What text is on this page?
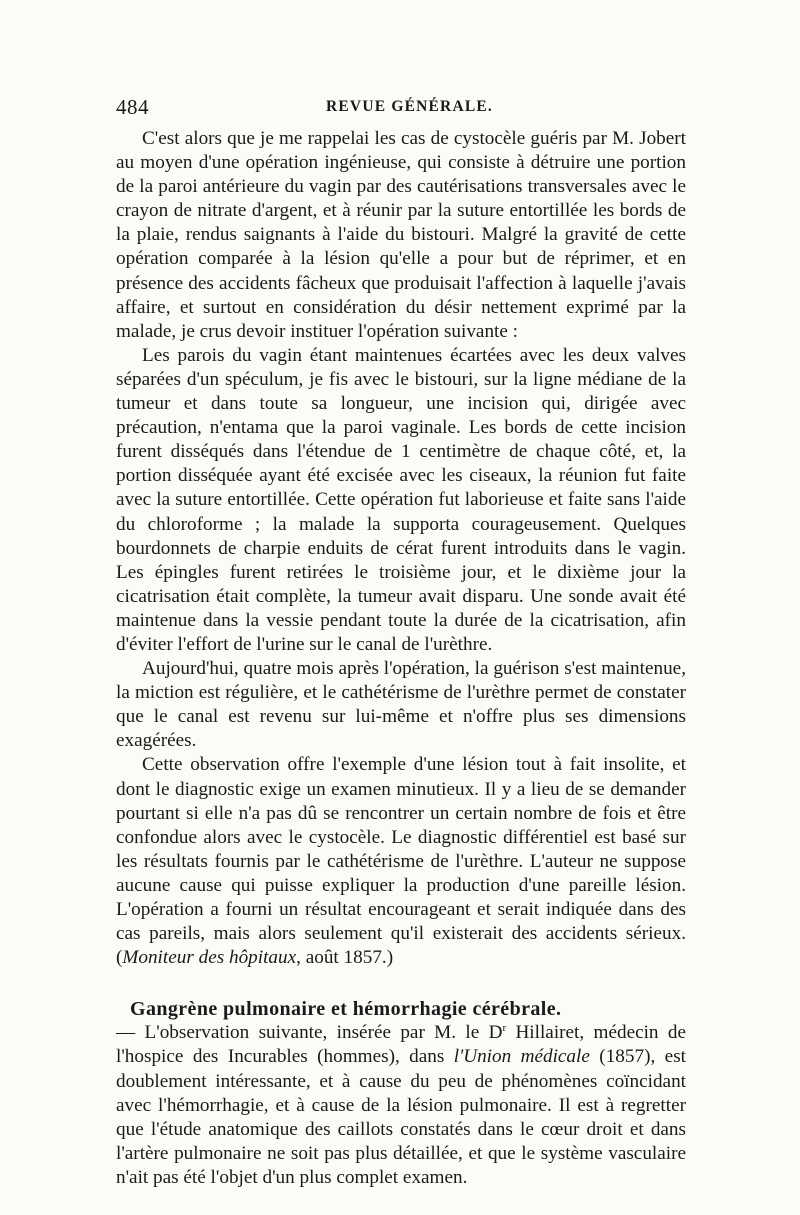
484	REVUE GÉNÉRALE.

C'est alors que je me rappelai les cas de cystocèle guéris par M. Jobert au moyen d'une opération ingénieuse, qui consiste à détruire une portion de la paroi antérieure du vagin par des cautérisations transversales avec le crayon de nitrate d'argent, et à réunir par la suture entortillée les bords de la plaie, rendus saignants à l'aide du bistouri. Malgré la gravité de cette opération comparée à la lésion qu'elle a pour but de réprimer, et en présence des accidents fâcheux que produisait l'affection à laquelle j'avais affaire, et surtout en considération du désir nettement exprimé par la malade, je crus devoir instituer l'opération suivante :

Les parois du vagin étant maintenues écartées avec les deux valves séparées d'un spéculum, je fis avec le bistouri, sur la ligne médiane de la tumeur et dans toute sa longueur, une incision qui, dirigée avec précaution, n'entama que la paroi vaginale. Les bords de cette incision furent disséqués dans l'étendue de 1 centimètre de chaque côté, et, la portion disséquée ayant été excisée avec les ciseaux, la réunion fut faite avec la suture entortillée. Cette opération fut laborieuse et faite sans l'aide du chloroforme ; la malade la supporta courageusement. Quelques bourdonnets de charpie enduits de cérat furent introduits dans le vagin. Les épingles furent retirées le troisième jour, et le dixième jour la cicatrisation était complète, la tumeur avait disparu. Une sonde avait été maintenue dans la vessie pendant toute la durée de la cicatrisation, afin d'éviter l'effort de l'urine sur le canal de l'urèthre.

Aujourd'hui, quatre mois après l'opération, la guérison s'est maintenue, la miction est régulière, et le cathétérisme de l'urèthre permet de constater que le canal est revenu sur lui-même et n'offre plus ses dimensions exagérées.

Cette observation offre l'exemple d'une lésion tout à fait insolite, et dont le diagnostic exige un examen minutieux. Il y a lieu de se demander pourtant si elle n'a pas dû se rencontrer un certain nombre de fois et être confondue alors avec le cystocèle. Le diagnostic différentiel est basé sur les résultats fournis par le cathétérisme de l'urèthre. L'auteur ne suppose aucune cause qui puisse expliquer la production d'une pareille lésion. L'opération a fourni un résultat encourageant et serait indiquée dans des cas pareils, mais alors seulement qu'il existerait des accidents sérieux. (Moniteur des hôpitaux, août 1857.)

Gangrène pulmonaire et hémorrhagie cérébrale.

— L'observation suivante, insérée par M. le $D^r$ Hillairet, médecin de l'hospice des Incurables (hommes), dans l'Union médicale (1857), est doublement intéressante, et à cause du peu de phénomènes coïncidant avec l'hémorrhagie, et à cause de la lésion pulmonaire. Il est à regretter que l'étude anatomique des caillots constatés dans le cœur droit et dans l'artère pulmonaire ne soit pas plus détaillée, et que le système vasculaire n'ait pas été l'objet d'un plus complet examen.
